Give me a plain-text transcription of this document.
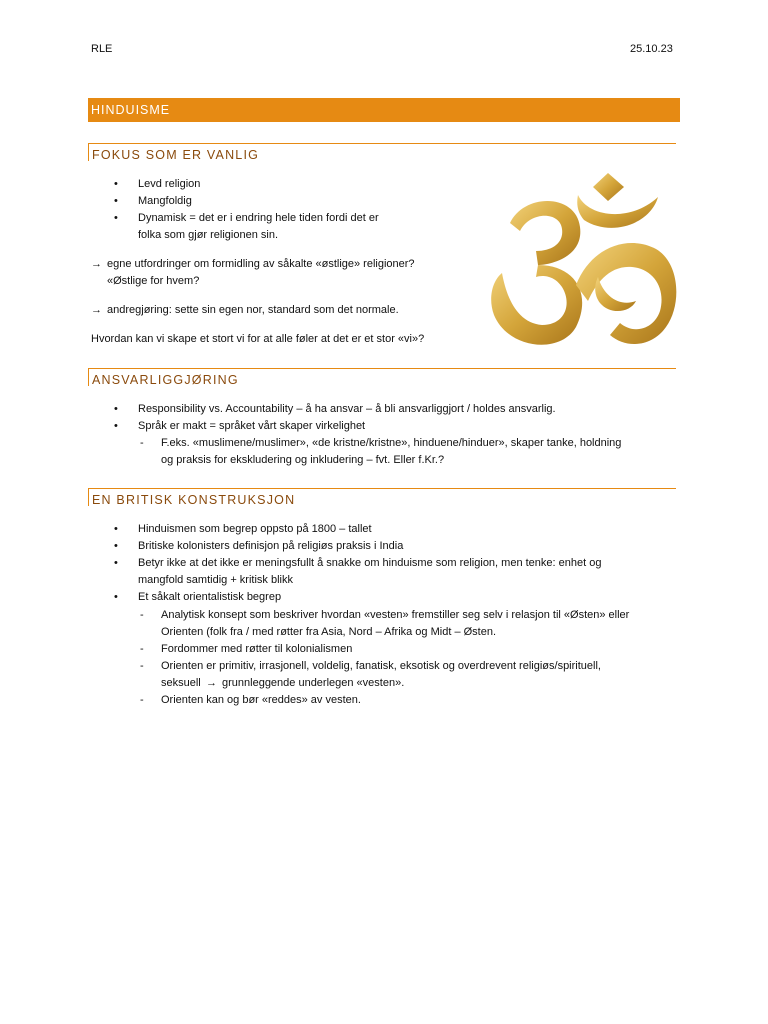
RLE	25.10.23
HINDUISME
FOKUS SOM ER VANLIG
• Levd religion
• Mangfoldig
• Dynamisk = det er i endring hele tiden fordi det er
folka som gjør religionen sin.
→ egne utfordringer om formidling av såkalte «østlige» religioner?
«Østlige for hvem?
→ andregjøring: sette sin egen nor, standard som det normale.
Hvordan kan vi skape et stort vi for at alle føler at det er et stor «vi»?
ANSVARLIGGJØRING
• Responsibility vs. Accountability – å ha ansvar – å bli ansvarliggjort / holdes ansvarlig.
• Språk er makt = språket vårt skaper virkelighet
- F.eks. «muslimene/muslimer», «de kristne/kristne», hinduene/hinduer», skaper tanke, holdning
og praksis for ekskludering og inkludering – fvt. Eller f.Kr.?
EN BRITISK KONSTRUKSJON
• Hinduismen som begrep oppsto på 1800 – tallet
• Britiske kolonisters definisjon på religiøs praksis i India
• Betyr ikke at det ikke er meningsfullt å snakke om hinduisme som religion, men tenke: enhet og
mangfold samtidig + kritisk blikk
• Et såkalt orientalistisk begrep
- Analytisk konsept som beskriver hvordan «vesten» fremstiller seg selv i relasjon til «Østen» eller
Orienten (folk fra / med røtter fra Asia, Nord – Afrika og Midt – Østen.
- Fordommer med røtter til kolonialismen
- Orienten er primitiv, irrasjonell, voldelig, fanatisk, eksotisk og overdrevent religiøs/spirituell,
seksuell → grunnleggende underlegen «vesten».
- Orienten kan og bør «reddes» av vesten.
